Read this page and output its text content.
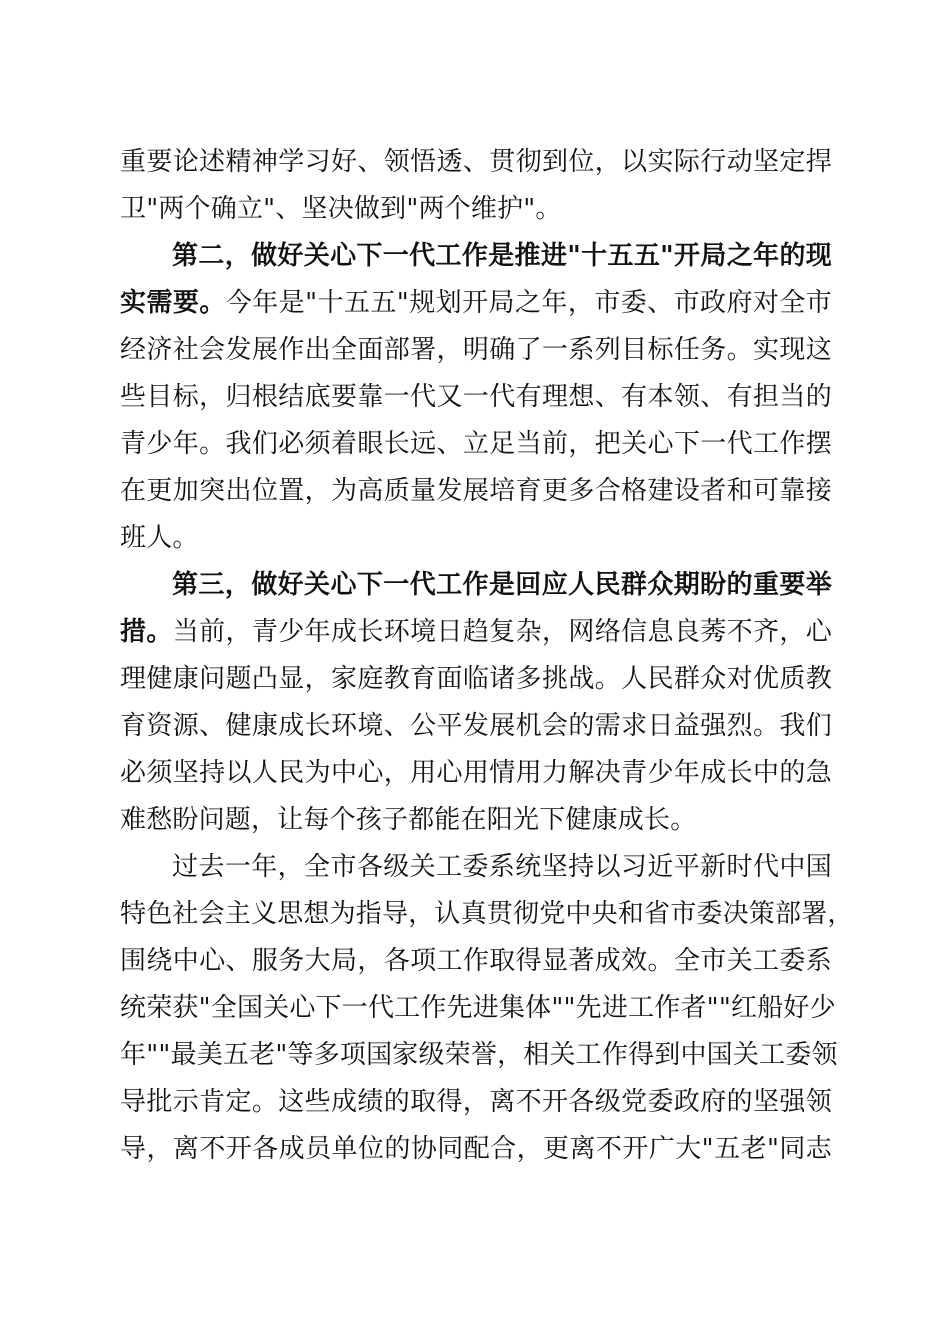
重要论述精神学习好、领悟透、贯彻到位，以实际行动坚定捍
卫"两个确立"、坚决做到"两个维护"。
第二，做好关心下一代工作是推进"十五五"开局之年的现
实需要。今年是"十五五"规划开局之年，市委、市政府对全市
经济社会发展作出全面部署，明确了一系列目标任务。实现这
些目标，归根结底要靠一代又一代有理想、有本领、有担当的
青少年。我们必须着眼长远、立足当前，把关心下一代工作摆
在更加突出位置，为高质量发展培育更多合格建设者和可靠接
班人。
第三，做好关心下一代工作是回应人民群众期盼的重要举
措。当前，青少年成长环境日趋复杂，网络信息良莠不齐，心
理健康问题凸显，家庭教育面临诸多挑战。人民群众对优质教
育资源、健康成长环境、公平发展机会的需求日益强烈。我们
必须坚持以人民为中心，用心用情用力解决青少年成长中的急
难愁盼问题，让每个孩子都能在阳光下健康成长。
过去一年，全市各级关工委系统坚持以习近平新时代中国
特色社会主义思想为指导，认真贯彻党中央和省市委决策部署，
围绕中心、服务大局，各项工作取得显著成效。全市关工委系
统荣获"全国关心下一代工作先进集体""先进工作者""红船好少
年""最美五老"等多项国家级荣誉，相关工作得到中国关工委领
导批示肯定。这些成绩的取得，离不开各级党委政府的坚强领
导，离不开各成员单位的协同配合，更离不开广大"五老"同志
